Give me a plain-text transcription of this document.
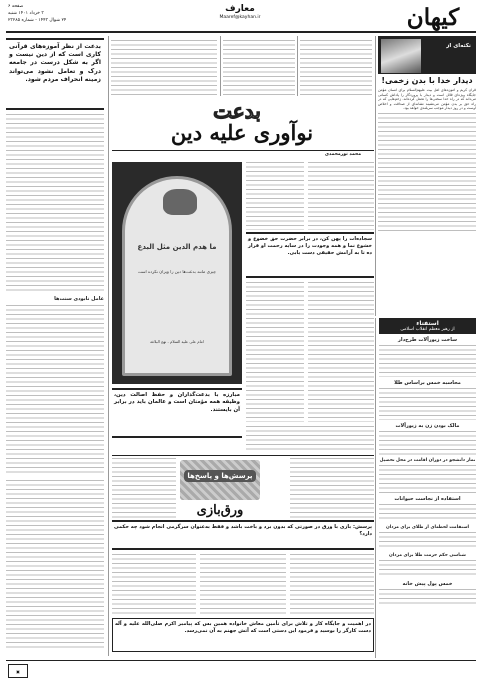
کیهان
معارف
Maaref@kayhan.ir
صفحه ۶
۳ خرداد ۱۴۰۱ شنبه
۲۴ شوال ۱۴۴۳ - شماره ۲۳۲۸۵
نکته‌ای از
دیدار خدا با بدن زخمی!

قرآن کریم و آموزه‌های اهل بیت علیهم‌السلام برای انسان مؤمن جایگاه ویژه‌ای قائل است و دیدار با پروردگار را پاداش کسانی می‌داند که در راه خدا سختی‌ها را تحمل کرده‌اند. زخم‌هایی که در راه حق بر بدن مؤمن می‌نشیند نشانه‌ای از صداقت و اخلاص اوست و در روز دیدار موجب سربلندی خواهد بود.

بدعت از نظر آموزه‌های قرآنی کاری است که از دین نیست و اگر به شکل درست در جامعه درک و تعامل نشود می‌تواند زمینه انحراف مردم شود.
عامل نابودی سنت‌ها
بدعت
نوآوری علیه دین
محمد نورمحمدی
ما هدم الدین مثل البدع
چیزی مانند بدعت‌ها دین را ویران نکرده است
امام علی علیه السلام - نهج البلاغه
سجاده‌ات را پهن کن، در برابر حضرت حق خضوع و خشوع نما و همه وجودت را در سایه رحمت او قرار ده تا به آرامش حقیقی دست یابی.
مبارزه با بدعت‌گذاران و حفظ اصالت دین، وظیفه همه مؤمنان است و عالمان باید در برابر آن بایستند.
استفتاء
از رهبر معظم انقلاب اسلامی
ساخت زیورآلات طرح‌دار
محاسبه خمس براساس طلا
مالک بودن زن به زیورآلات
نماز دانشجو در دوران اقامت در محل تحصیل
استفاده از نجاست حیوانات
استقامت لحظه‌ای از طلای برای مردان
شناسی حکم حرمت طلا برای مردان
خمس پول پیش خانه
پرسش‌ها و پاسخ‌ها
ورق‌بازی
پرسش: بازی با ورق در صورتی که بدون برد و باخت باشد و فقط به‌عنوان سرگرمی انجام شود چه حکمی دارد؟
در اهمیت و جایگاه کار و تلاش برای تأمین معاش خانواده همین بس که پیامبر اکرم صلی‌الله علیه و آله دست کارگر را بوسید و فرمود این دستی است که آتش جهنم به آن نمی‌رسد.
▣
